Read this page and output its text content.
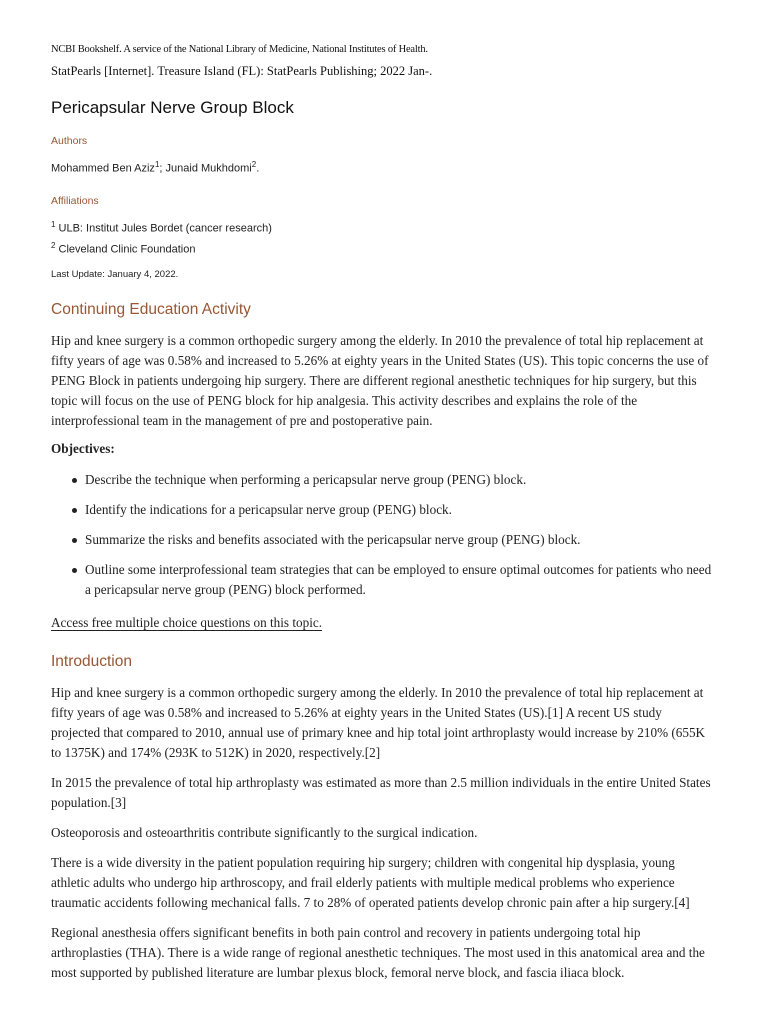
NCBI Bookshelf. A service of the National Library of Medicine, National Institutes of Health.
StatPearls [Internet]. Treasure Island (FL): StatPearls Publishing; 2022 Jan-.
Pericapsular Nerve Group Block
Authors

Mohammed Ben Aziz$^1$; Junaid Mukhdomi$^2$.

Affiliations

$^1$ ULB: Institut Jules Bordet (cancer research)

$^2$ Cleveland Clinic Foundation

Last Update: January 4, 2022.
Continuing Education Activity

Hip and knee surgery is a common orthopedic surgery among the elderly. In 2010 the prevalence of total hip replacement at fifty years of age was 0.58% and increased to 5.26% at eighty years in the United States (US). This topic concerns the use of PENG Block in patients undergoing hip surgery. There are different regional anesthetic techniques for hip surgery, but this topic will focus on the use of PENG block for hip analgesia. This activity describes and explains the role of the interprofessional team in the management of pre and postoperative pain.

Objectives:
Describe the technique when performing a pericapsular nerve group (PENG) block.
Identify the indications for a pericapsular nerve group (PENG) block.
Summarize the risks and benefits associated with the pericapsular nerve group (PENG) block.
Outline some interprofessional team strategies that can be employed to ensure optimal outcomes for patients who need a pericapsular nerve group (PENG) block performed.
Access free multiple choice questions on this topic.
Introduction

Hip and knee surgery is a common orthopedic surgery among the elderly. In 2010 the prevalence of total hip replacement at fifty years of age was 0.58% and increased to 5.26% at eighty years in the United States (US).[1] A recent US study projected that compared to 2010, annual use of primary knee and hip total joint arthroplasty would increase by 210% (655K to 1375K) and 174% (293K to 512K) in 2020, respectively.[2]

In 2015 the prevalence of total hip arthroplasty was estimated as more than 2.5 million individuals in the entire United States population.[3]

Osteoporosis and osteoarthritis contribute significantly to the surgical indication.

There is a wide diversity in the patient population requiring hip surgery; children with congenital hip dysplasia, young athletic adults who undergo hip arthroscopy, and frail elderly patients with multiple medical problems who experience traumatic accidents following mechanical falls. 7 to 28% of operated patients develop chronic pain after a hip surgery.[4]

Regional anesthesia offers significant benefits in both pain control and recovery in patients undergoing total hip arthroplasties (THA). There is a wide range of regional anesthetic techniques. The most used in this anatomical area and the most supported by published literature are lumbar plexus block, femoral nerve block, and fascia iliaca block.
